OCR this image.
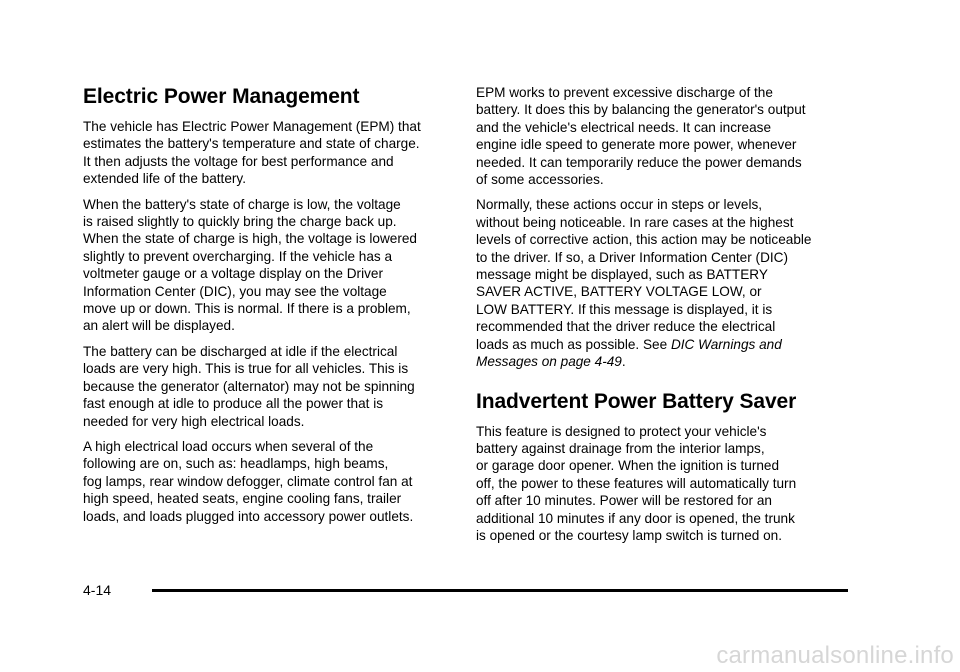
Electric Power Management

The vehicle has Electric Power Management (EPM) that
estimates the battery's temperature and state of charge.
It then adjusts the voltage for best performance and
extended life of the battery.

When the battery's state of charge is low, the voltage
is raised slightly to quickly bring the charge back up.
When the state of charge is high, the voltage is lowered
slightly to prevent overcharging. If the vehicle has a
voltmeter gauge or a voltage display on the Driver
Information Center (DIC), you may see the voltage
move up or down. This is normal. If there is a problem,
an alert will be displayed.

The battery can be discharged at idle if the electrical
loads are very high. This is true for all vehicles. This is
because the generator (alternator) may not be spinning
fast enough at idle to produce all the power that is
needed for very high electrical loads.

A high electrical load occurs when several of the
following are on, such as: headlamps, high beams,
fog lamps, rear window defogger, climate control fan at
high speed, heated seats, engine cooling fans, trailer
loads, and loads plugged into accessory power outlets.

EPM works to prevent excessive discharge of the
battery. It does this by balancing the generator's output
and the vehicle's electrical needs. It can increase
engine idle speed to generate more power, whenever
needed. It can temporarily reduce the power demands
of some accessories.

Normally, these actions occur in steps or levels,
without being noticeable. In rare cases at the highest
levels of corrective action, this action may be noticeable
to the driver. If so, a Driver Information Center (DIC)
message might be displayed, such as BATTERY
SAVER ACTIVE, BATTERY VOLTAGE LOW, or
LOW BATTERY. If this message is displayed, it is
recommended that the driver reduce the electrical
loads as much as possible. See DIC Warnings and
Messages on page 4-49.

Inadvertent Power Battery Saver

This feature is designed to protect your vehicle's
battery against drainage from the interior lamps,
or garage door opener. When the ignition is turned
off, the power to these features will automatically turn
off after 10 minutes. Power will be restored for an
additional 10 minutes if any door is opened, the trunk
is opened or the courtesy lamp switch is turned on.

4-14
carmanualsonline.info
